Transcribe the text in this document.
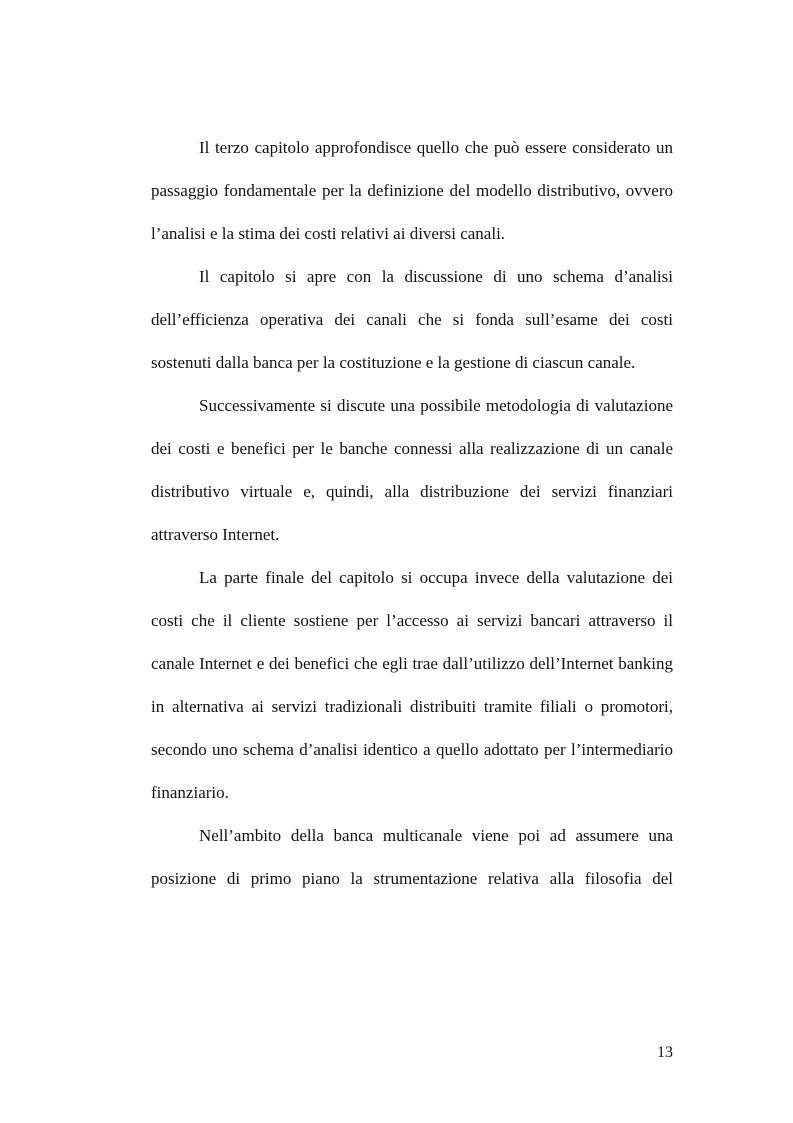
Il terzo capitolo approfondisce quello che può essere considerato un passaggio fondamentale per la definizione del modello distributivo, ovvero l’analisi e la stima dei costi relativi ai diversi canali.

Il capitolo si apre con la discussione di uno schema d’analisi dell’efficienza operativa dei canali che si fonda sull’esame dei costi sostenuti dalla banca per la costituzione e la gestione di ciascun canale.

Successivamente si discute una possibile metodologia di valutazione dei costi e benefici per le banche connessi alla realizzazione di un canale distributivo virtuale e, quindi, alla distribuzione dei servizi finanziari attraverso Internet.

La parte finale del capitolo si occupa invece della valutazione dei costi che il cliente sostiene per l’accesso ai servizi bancari attraverso il canale Internet e dei benefici che egli trae dall’utilizzo dell’Internet banking in alternativa ai servizi tradizionali distribuiti tramite filiali o promotori, secondo uno schema d’analisi identico a quello adottato per l’intermediario finanziario.

Nell’ambito della banca multicanale viene poi ad assumere una posizione di primo piano la strumentazione relativa alla filosofia del

13
